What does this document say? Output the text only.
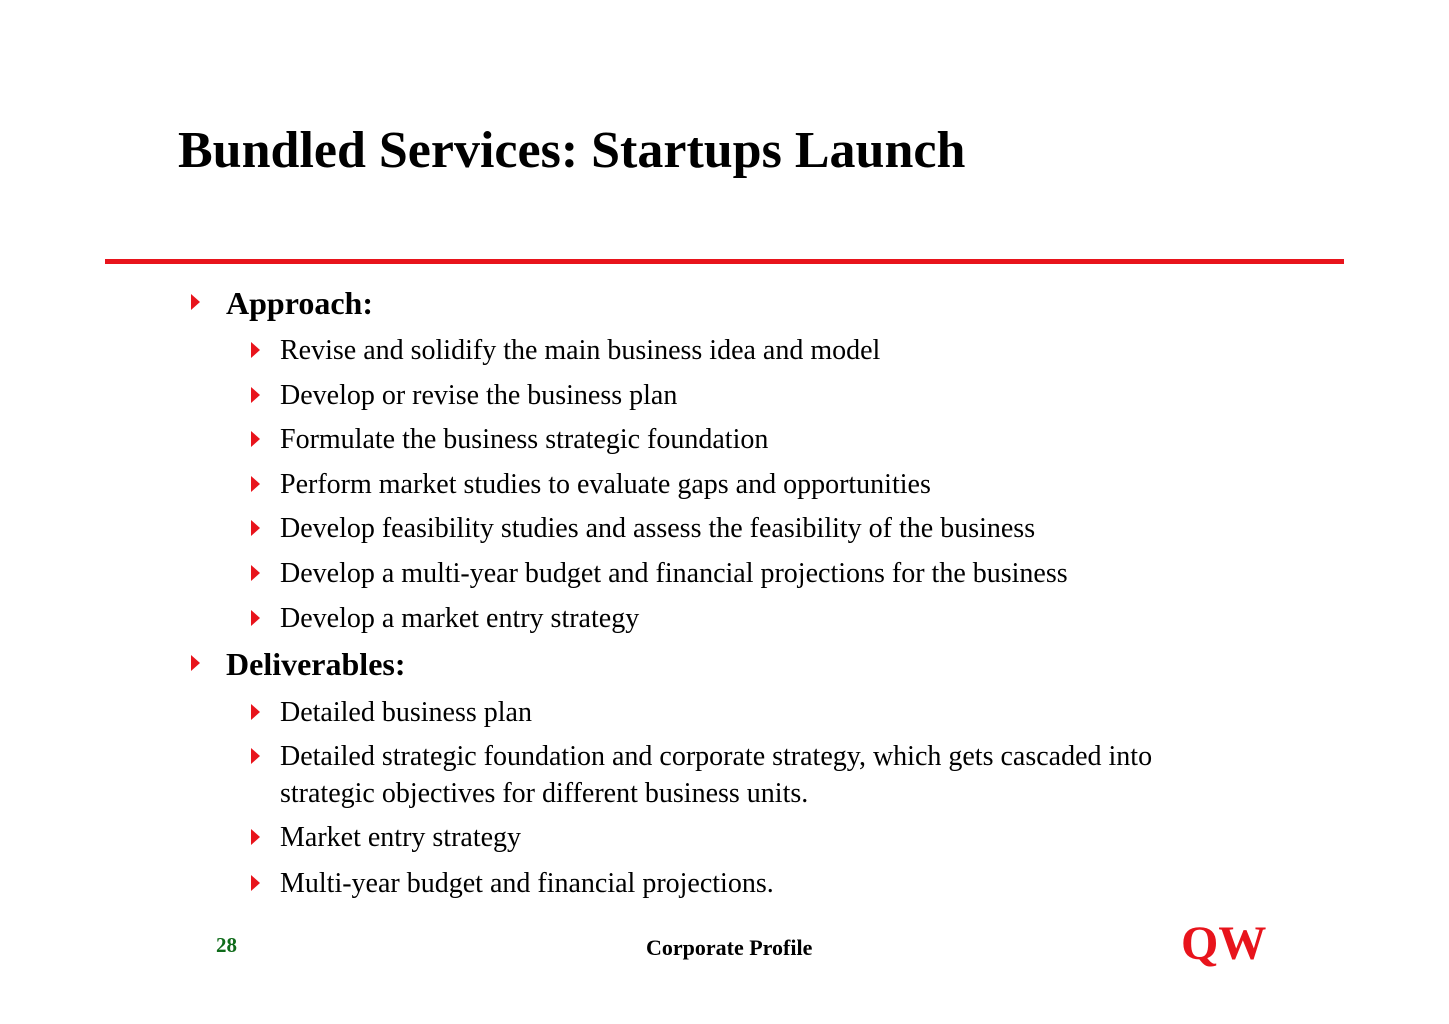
Bundled Services: Startups Launch
Approach:
Revise and solidify the main business idea and model
Develop or revise the business plan
Formulate the business strategic foundation
Perform market studies to evaluate gaps and opportunities
Develop feasibility studies and assess the feasibility of the business
Develop a multi-year budget and financial projections for the business
Develop a market entry strategy
Deliverables:
Detailed business plan
Detailed strategic foundation and corporate strategy, which gets cascaded into
strategic objectives for different business units.
Market entry strategy
Multi-year budget and financial projections.
28	Corporate Profile	QW
